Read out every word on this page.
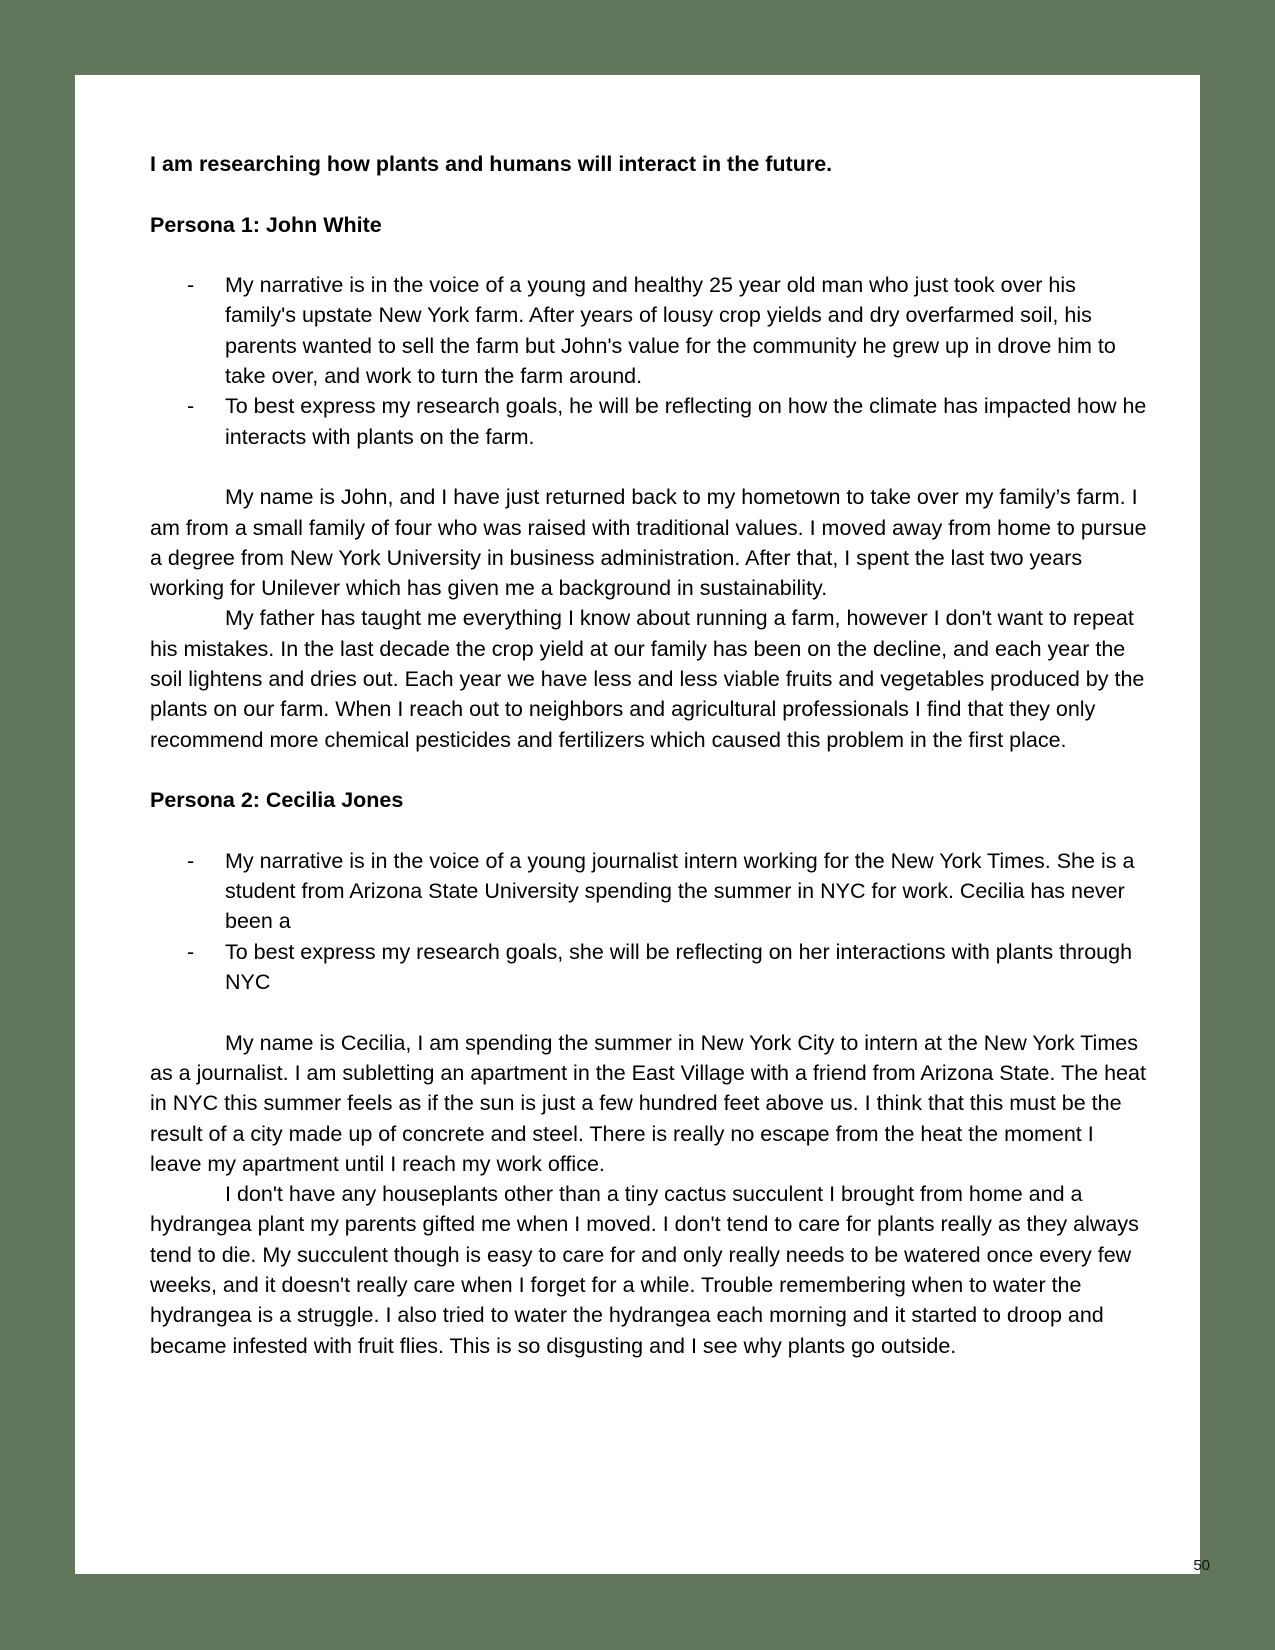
I am researching how plants and humans will interact in the future.

Persona 1: John White

- My narrative is in the voice of a young and healthy 25 year old man who just took over his family's upstate New York farm. After years of lousy crop yields and dry overfarmed soil, his parents wanted to sell the farm but John's value for the community he grew up in drove him to take over, and work to turn the farm around.
- To best express my research goals, he will be reflecting on how the climate has impacted how he interacts with plants on the farm.

My name is John, and I have just returned back to my hometown to take over my family’s farm. I am from a small family of four who was raised with traditional values. I moved away from home to pursue a degree from New York University in business administration. After that, I spent the last two years working for Unilever which has given me a background in sustainability.

My father has taught me everything I know about running a farm, however I don't want to repeat his mistakes. In the last decade the crop yield at our family has been on the decline, and each year the soil lightens and dries out. Each year we have less and less viable fruits and vegetables produced by the plants on our farm. When I reach out to neighbors and agricultural professionals I find that they only recommend more chemical pesticides and fertilizers which caused this problem in the first place.

Persona 2: Cecilia Jones

- My narrative is in the voice of a young journalist intern working for the New York Times. She is a student from Arizona State University spending the summer in NYC for work. Cecilia has never been a
- To best express my research goals, she will be reflecting on her interactions with plants through NYC

My name is Cecilia, I am spending the summer in New York City to intern at the New York Times as a journalist. I am subletting an apartment in the East Village with a friend from Arizona State. The heat in NYC this summer feels as if the sun is just a few hundred feet above us. I think that this must be the result of a city made up of concrete and steel. There is really no escape from the heat the moment I leave my apartment until I reach my work office.

I don't have any houseplants other than a tiny cactus succulent I brought from home and a hydrangea plant my parents gifted me when I moved. I don't tend to care for plants really as they always tend to die. My succulent though is easy to care for and only really needs to be watered once every few weeks, and it doesn't really care when I forget for a while. Trouble remembering when to water the hydrangea is a struggle. I also tried to water the hydrangea each morning and it started to droop and became infested with fruit flies. This is so disgusting and I see why plants go outside.

50
